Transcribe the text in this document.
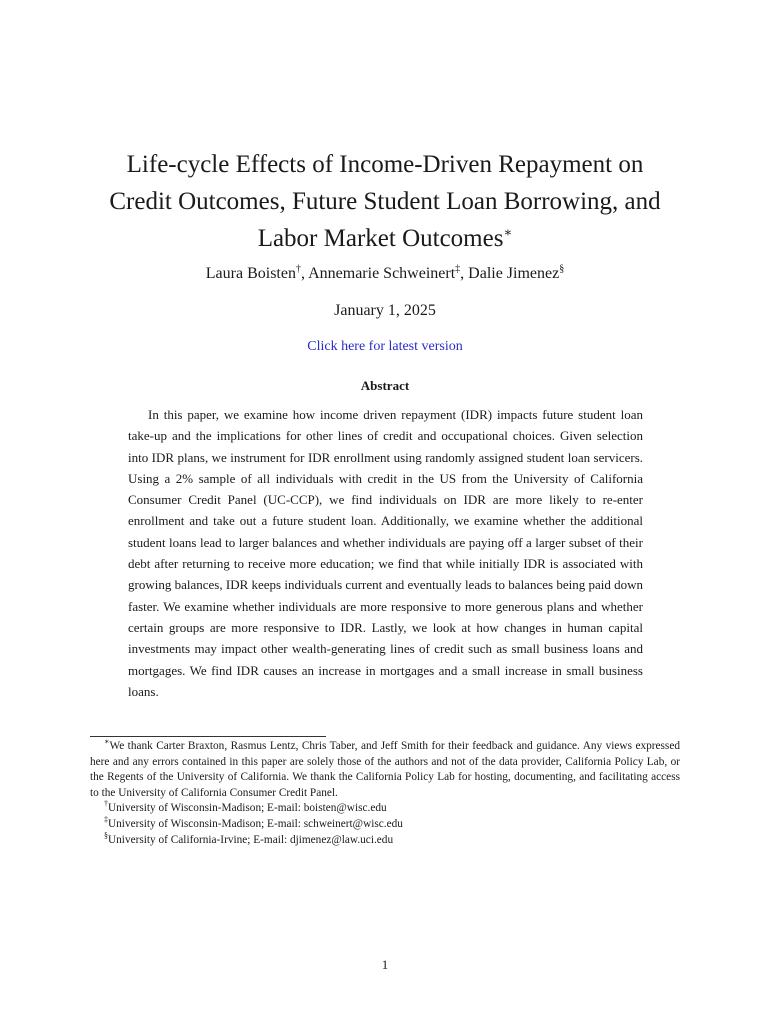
Life-cycle Effects of Income-Driven Repayment on
Credit Outcomes, Future Student Loan Borrowing, and
Labor Market Outcomes∗
Laura Boisten†, Annemarie Schweinert‡, Dalie Jimenez§
January 1, 2025
Click here for latest version
Abstract

In this paper, we examine how income driven repayment (IDR) impacts future student loan take-up and the implications for other lines of credit and occupational choices. Given selection into IDR plans, we instrument for IDR enrollment using randomly assigned student loan servicers. Using a 2% sample of all individuals with credit in the US from the University of California Consumer Credit Panel (UC-CCP), we find individuals on IDR are more likely to re-enter enrollment and take out a future student loan. Additionally, we examine whether the additional student loans lead to larger balances and whether individuals are paying off a larger subset of their debt after returning to receive more education; we find that while initially IDR is associated with growing balances, IDR keeps individuals current and eventually leads to balances being paid down faster. We examine whether individuals are more responsive to more generous plans and whether certain groups are more responsive to IDR. Lastly, we look at how changes in human capital investments may impact other wealth-generating lines of credit such as small business loans and mortgages. We find IDR causes an increase in mortgages and a small increase in small business loans.

∗We thank Carter Braxton, Rasmus Lentz, Chris Taber, and Jeff Smith for their feedback and guidance. Any views expressed here and any errors contained in this paper are solely those of the authors and not of the data provider, California Policy Lab, or the Regents of the University of California. We thank the California Policy Lab for hosting, documenting, and facilitating access to the University of California Consumer Credit Panel.

†University of Wisconsin-Madison; E-mail: boisten@wisc.edu

‡University of Wisconsin-Madison; E-mail: schweinert@wisc.edu

§University of California-Irvine; E-mail: djimenez@law.uci.edu

1
